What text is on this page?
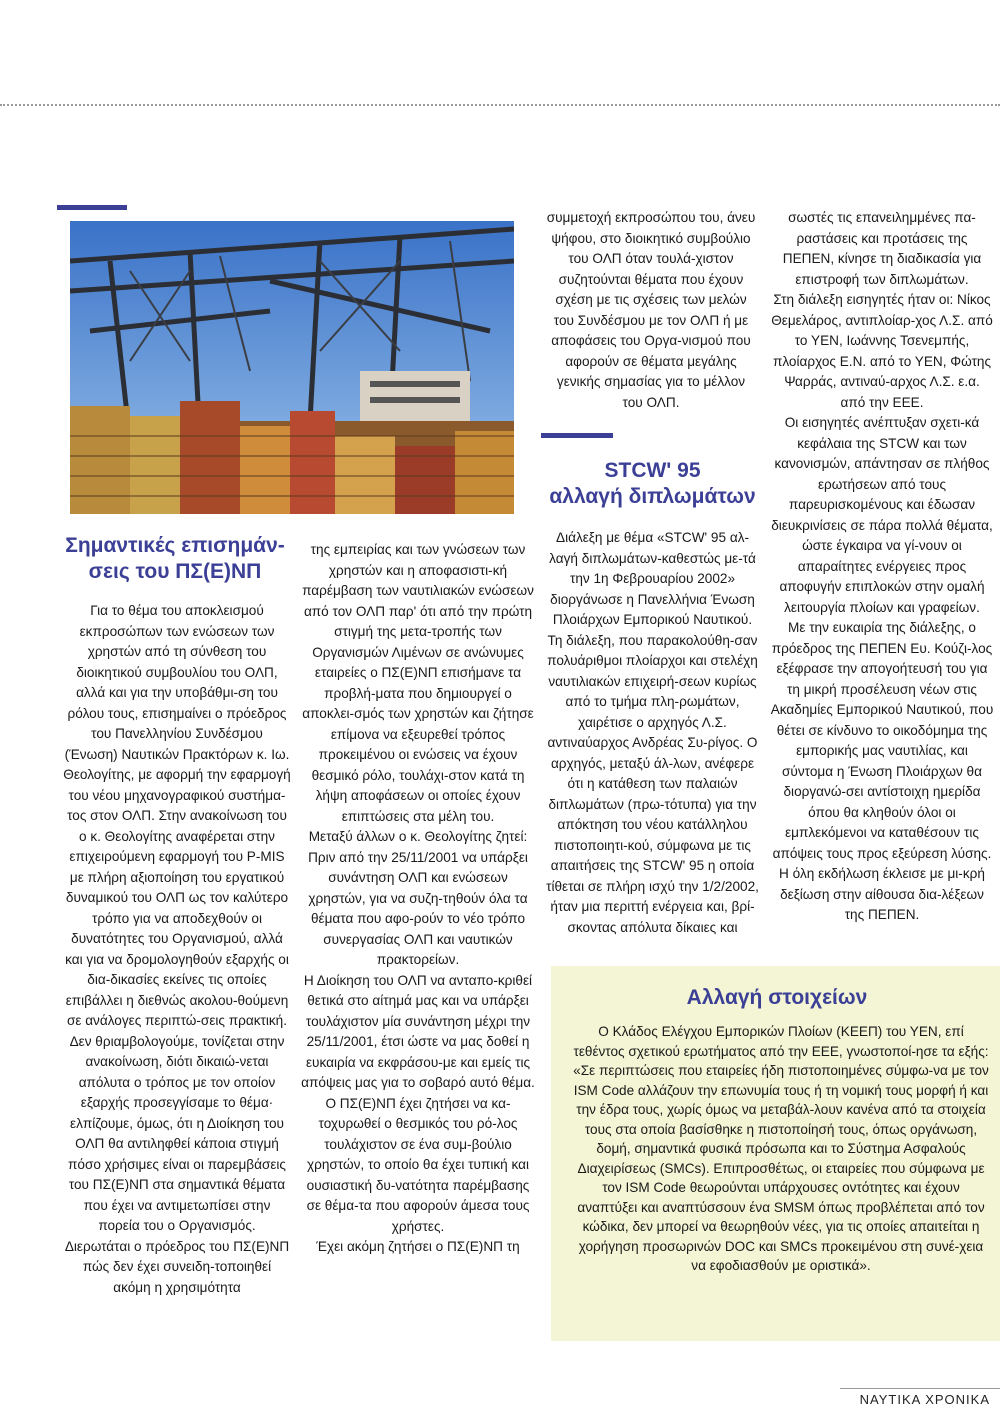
Σημαντικές επισημάν-
σεις του ΠΣ(Ε)ΝΠ

Για το θέμα του αποκλεισμού εκπροσώπων των ενώσεων των χρηστών από τη σύνθεση του διοικητικού συμβουλίου του ΟΛΠ, αλλά και για την υποβάθμι-ση του ρόλου τους, επισημαίνει ο πρόεδρος του Πανελληνίου Συνδέσμου (Ένωση) Ναυτικών Πρακτόρων κ. Ιω. Θεολογίτης, με αφορμή την εφαρμογή του νέου μηχανογραφικού συστήμα-τος στον ΟΛΠ. Στην ανακοίνωση του ο κ. Θεολογίτης αναφέρεται στην επιχειρούμενη εφαρμογή του P-MIS με πλήρη αξιοποίηση του εργατικού δυναμικού του ΟΛΠ ως τον καλύτερο τρόπο για να αποδεχθούν οι δυνατότητες του Οργανισμού, αλλά και για να δρομολογηθούν εξαρχής οι δια-δικασίες εκείνες τις οποίες επιβάλλει η διεθνώς ακολου-θούμενη σε ανάλογες περιπτώ-σεις πρακτική.

Δεν θριαμβολογούμε, τονίζεται στην ανακοίνωση, διότι δικαιώ-νεται απόλυτα ο τρόπος με τον οποίον εξαρχής προσεγγίσαμε το θέμα· ελπίζουμε, όμως, ότι η Διοίκηση του ΟΛΠ θα αντιληφθεί κάποια στιγμή πόσο χρήσιμες είναι οι παρεμβάσεις του ΠΣ(Ε)ΝΠ στα σημαντικά θέματα που έχει να αντιμετωπίσει στην πορεία του ο Οργανισμός.

Διερωτάται ο πρόεδρος του ΠΣ(Ε)ΝΠ πώς δεν έχει συνειδη-τοποιηθεί ακόμη η χρησιμότητα

της εμπειρίας και των γνώσεων των χρηστών και η αποφασιστι-κή παρέμβαση των ναυτιλιακών ενώσεων από τον ΟΛΠ παρ' ότι από την πρώτη στιγμή της μετα-τροπής των Οργανισμών Λιμένων σε ανώνυμες εταιρείες ο ΠΣ(Ε)ΝΠ επισήμανε τα προβλή-ματα που δημιουργεί ο αποκλει-σμός των χρηστών και ζήτησε επίμονα να εξευρεθεί τρόπος προκειμένου οι ενώσεις να έχουν θεσμικό ρόλο, τουλάχι-στον κατά τη λήψη αποφάσεων οι οποίες έχουν επιπτώσεις στα μέλη του.

Μεταξύ άλλων ο κ. Θεολογίτης ζητεί:

Πριν από την 25/11/2001 να υπάρξει συνάντηση ΟΛΠ και ενώσεων χρηστών, για να συζη-τηθούν όλα τα θέματα που αφο-ρούν το νέο τρόπο συνεργασίας ΟΛΠ και ναυτικών πρακτορείων.

Η Διοίκηση του ΟΛΠ να ανταπο-κριθεί θετικά στο αίτημά μας και να υπάρξει τουλάχιστον μία συνάντηση μέχρι την 25/11/2001, έτσι ώστε να μας δοθεί η ευκαιρία να εκφράσου-με και εμείς τις απόψεις μας για το σοβαρό αυτό θέμα.

Ο ΠΣ(Ε)ΝΠ έχει ζητήσει να κα-τοχυρωθεί ο θεσμικός του ρό-λος τουλάχιστον σε ένα συμ-βούλιο χρηστών, το οποίο θα έχει τυπική και ουσιαστική δυ-νατότητα παρέμβασης σε θέμα-τα που αφορούν άμεσα τους χρήστες.

Έχει ακόμη ζητήσει ο ΠΣ(Ε)ΝΠ τη

συμμετοχή εκπροσώπου του, άνευ ψήφου, στο διοικητικό συμβούλιο του ΟΛΠ όταν τουλά-χιστον συζητούνται θέματα που έχουν σχέση με τις σχέσεις των μελών του Συνδέσμου με τον ΟΛΠ ή με αποφάσεις του Οργα-νισμού που αφορούν σε θέματα μεγάλης γενικής σημασίας για το μέλλον του ΟΛΠ.

STCW' 95
αλλαγή διπλωμάτων

Διάλεξη με θέμα «STCW' 95 αλ-λαγή διπλωμάτων-καθεστώς με-τά την 1η Φεβρουαρίου 2002» διοργάνωσε η Πανελλήνια Ένωση Πλοιάρχων Εμπορικού Ναυτικού. Τη διάλεξη, που παρακολούθη-σαν πολυάριθμοι πλοίαρχοι και στελέχη ναυτιλιακών επιχειρή-σεων κυρίως από το τμήμα πλη-ρωμάτων, χαιρέτισε ο αρχηγός Λ.Σ. αντιναύαρχος Ανδρέας Συ-ρίγος. Ο αρχηγός, μεταξύ άλ-λων, ανέφερε ότι η κατάθεση των παλαιών διπλωμάτων (πρω-τότυπα) για την απόκτηση του νέου κατάλληλου πιστοποιητι-κού, σύμφωνα με τις απαιτήσεις της STCW' 95 η οποία τίθεται σε πλήρη ισχύ την 1/2/2002, ήταν μια περιττή ενέργεια και, βρί-σκοντας απόλυτα δίκαιες και

σωστές τις επανειλημμένες πα-ραστάσεις και προτάσεις της ΠΕΠΕΝ, κίνησε τη διαδικασία για επιστροφή των διπλωμάτων.

Στη διάλεξη εισηγητές ήταν οι: Νίκος Θεμελάρος, αντιπλοίαρ-χος Λ.Σ. από το ΥΕΝ, Ιωάννης Τσενεμπής, πλοίαρχος Ε.Ν. από το ΥΕΝ, Φώτης Ψαρράς, αντιναύ-αρχος Λ.Σ. ε.α. από την ΕΕΕ.

Οι εισηγητές ανέπτυξαν σχετι-κά κεφάλαια της STCW και των κανονισμών, απάντησαν σε πλήθος ερωτήσεων από τους παρευρισκομένους και έδωσαν διευκρινίσεις σε πάρα πολλά θέματα, ώστε έγκαιρα να γί-νουν οι απαραίτητες ενέργειες προς αποφυγήν επιπλοκών στην ομαλή λειτουργία πλοίων και γραφείων.

Με την ευκαιρία της διάλεξης, ο πρόεδρος της ΠΕΠΕΝ Ευ. Κούζι-λος εξέφρασε την απογοήτευσή του για τη μικρή προσέλευση νέων στις Ακαδημίες Εμπορικού Ναυτικού, που θέτει σε κίνδυνο το οικοδόμημα της εμπορικής μας ναυτιλίας, και σύντομα η Ένωση Πλοιάρχων θα διοργανώ-σει αντίστοιχη ημερίδα όπου θα κληθούν όλοι οι εμπλεκόμενοι να καταθέσουν τις απόψεις τους προς εξεύρεση λύσης.

Η όλη εκδήλωση έκλεισε με μι-κρή δεξίωση στην αίθουσα δια-λέξεων της ΠΕΠΕΝ.

Αλλαγή στοιχείων

Ο Κλάδος Ελέγχου Εμπορικών Πλοίων (ΚΕΕΠ) του ΥΕΝ, επί τεθέντος σχετικού ερωτήματος από την ΕΕΕ, γνωστοποί-ησε τα εξής:

«Σε περιπτώσεις που εταιρείες ήδη πιστοποιημένες σύμφω-να με τον ISM Code αλλάζουν την επωνυμία τους ή τη νομική τους μορφή ή και την έδρα τους, χωρίς όμως να μεταβάλ-λουν κανένα από τα στοιχεία τους στα οποία βασίσθηκε η πιστοποίησή τους, όπως οργάνωση, δομή, σημαντικά φυσικά πρόσωπα και το Σύστημα Ασφαλούς Διαχειρίσεως (SMCs). Επιπροσθέτως, οι εταιρείες που σύμφωνα με τον ISM Code θεωρούνται υπάρχουσες οντότητες και έχουν αναπτύξει και αναπτύσσουν ένα SMSM όπως προβλέπεται από τον κώδικα, δεν μπορεί να θεωρηθούν νέες, για τις οποίες απαιτείται η χορήγηση προσωρινών DOC και SMCs προκειμένου στη συνέ-χεια να εφοδιασθούν με οριστικά».

ΝΑΥΤΙΚΑ ΧΡΟΝΙΚΑ
